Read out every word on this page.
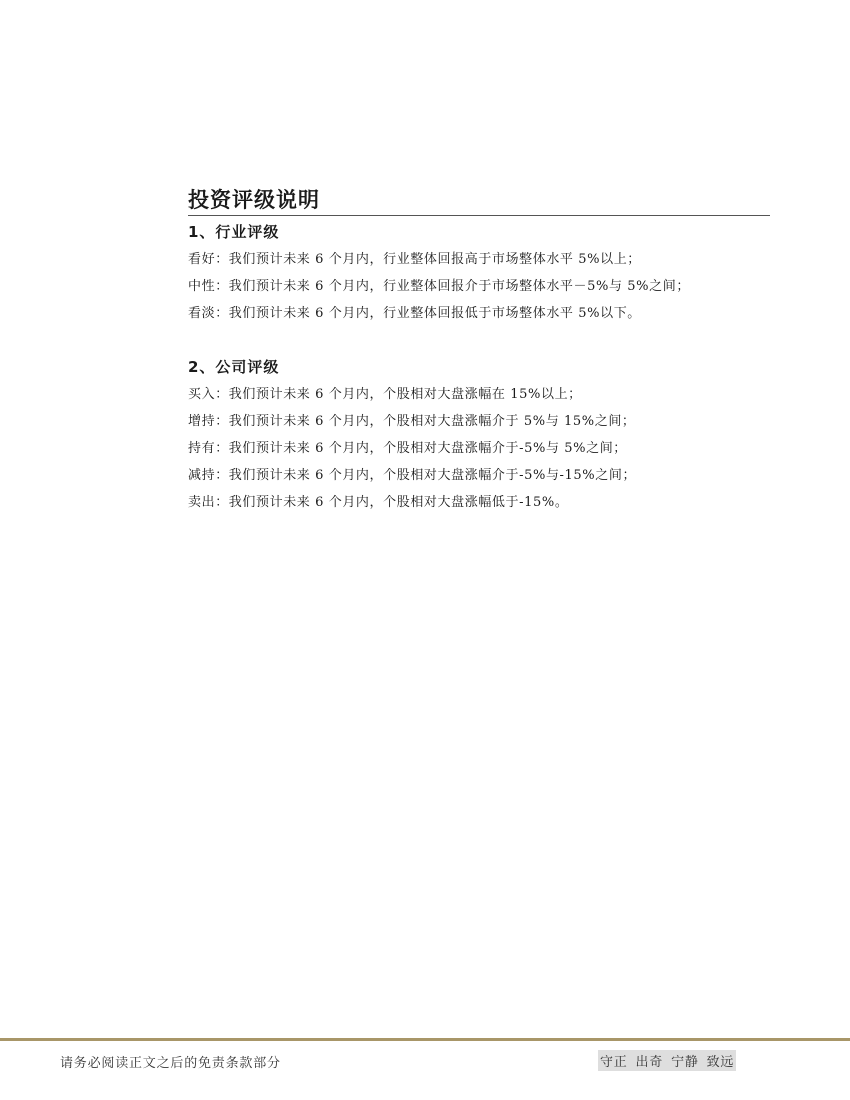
投资评级说明
1、行业评级

看好：我们预计未来 6 个月内，行业整体回报高于市场整体水平 5%以上；

中性：我们预计未来 6 个月内，行业整体回报介于市场整体水平－5%与 5%之间；

看淡：我们预计未来 6 个月内，行业整体回报低于市场整体水平 5%以下。

2、公司评级

买入：我们预计未来 6 个月内，个股相对大盘涨幅在 15%以上；

增持：我们预计未来 6 个月内，个股相对大盘涨幅介于 5%与 15%之间；

持有：我们预计未来 6 个月内，个股相对大盘涨幅介于-5%与 5%之间；

减持：我们预计未来 6 个月内，个股相对大盘涨幅介于-5%与-15%之间；

卖出：我们预计未来 6 个月内，个股相对大盘涨幅低于-15%。

请务必阅读正文之后的免责条款部分	守正 出奇 宁静 致远
